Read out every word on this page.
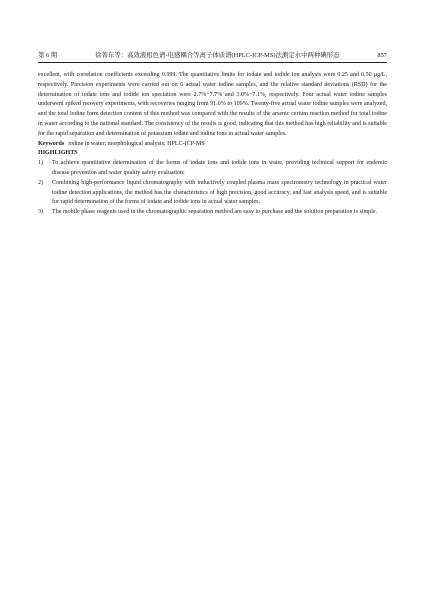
第 6 期	徐菁东等：高效液相色谱-电感耦合等离子体质谱(HPLC-ICP-MS)法测定水中两种碘形态	857

excellent, with correlation coefficients exceeding 0.999. The quantitative limits for iodate and iodide ion analysis were 0.25 and 0.50 μg/L, respectively. Precision experiments were carried out on 6 actual water iodine samples, and the relative standard deviations (RSD) for the determination of iodate ions and iodide ion speciation were 2.7%−7.7% and 3.0%−7.1%, respectively. Four actual water iodine samples underwent spiked recovery experiments, with recoveries ranging from 91.0% to 109%. Twenty-five actual water iodine samples were analyzed, and the total iodine form detection content of this method was compared with the results of the arsenic cerium reaction method for total iodine in water according to the national standard. The consistency of the results is good, indicating that this method has high reliability and is suitable for the rapid separation and determination of potassium iodate and iodine ions in actual water samples.

Keywords iodine in water; morphological analysis; HPLC-ICP-MS

HIGHLIGHTS
1) To achieve quantitative determination of the forms of iodate ions and iodide ions in water, providing technical support for endemic disease prevention and water quality safety evaluation;
2) Combining high-performance liquid chromatography with inductively coupled plasma mass spectrometry technology in practical water iodine detection applications, the method has the characteristics of high precision, good accuracy, and fast analysis speed, and is suitable for rapid determination of the forms of iodate and iodide ions in actual water samples.
3) The mobile phase reagents used in the chromatographic separation method are easy to purchase and the solution preparation is simple.
